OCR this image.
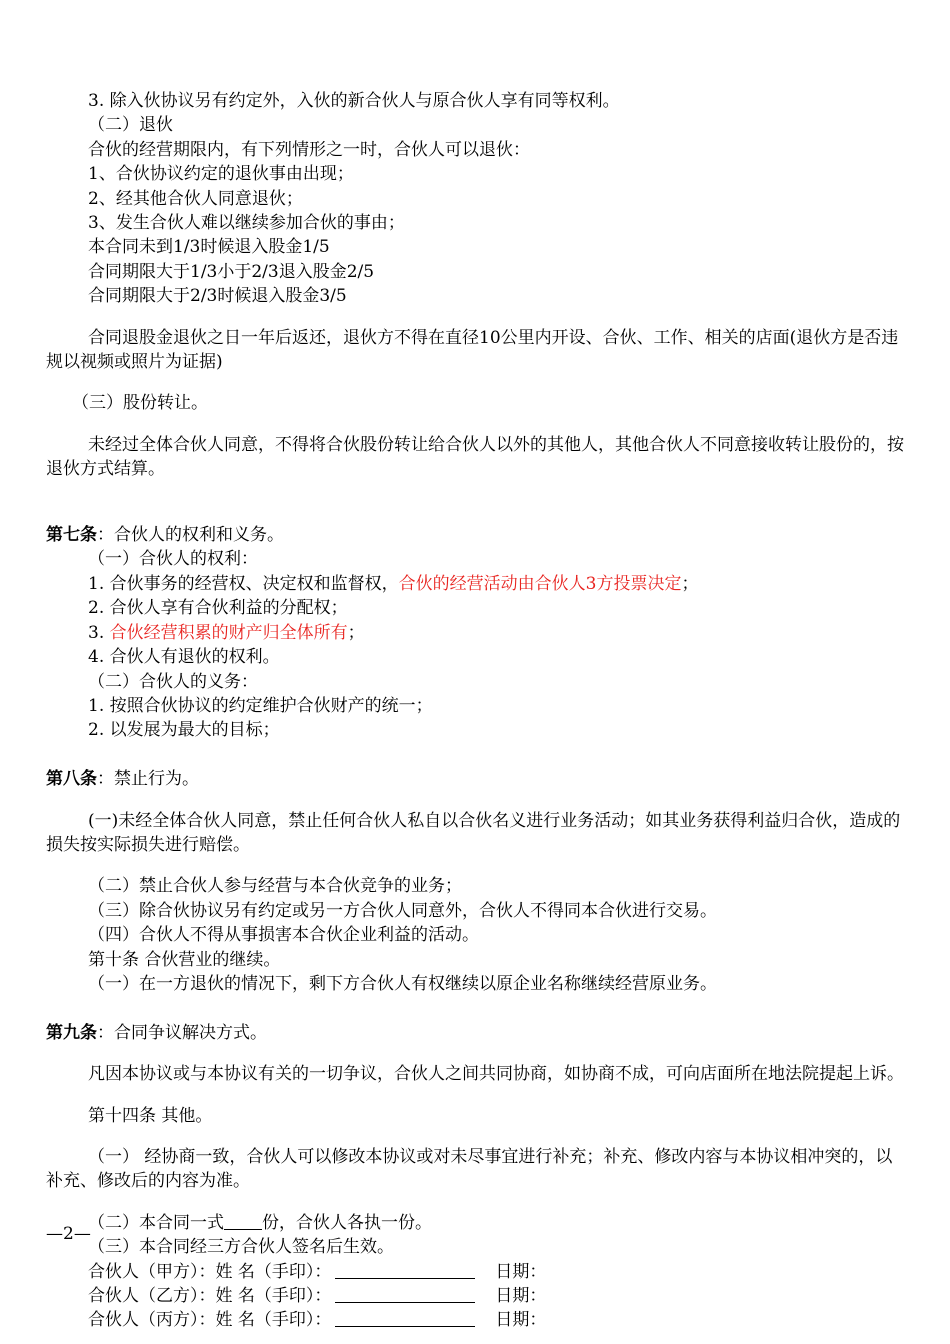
3. 除入伙协议另有约定外，入伙的新合伙人与原合伙人享有同等权利。

（二）退伙

合伙的经营期限内，有下列情形之一时，合伙人可以退伙：

1、合伙协议约定的退伙事由出现；

2、经其他合伙人同意退伙；

3、发生合伙人难以继续参加合伙的事由；

本合同未到1/3时候退入股金1/5

合同期限大于1/3小于2/3退入股金2/5

合同期限大于2/3时候退入股金3/5

合同退股金退伙之日一年后返还，退伙方不得在直径10公里内开设、合伙、工作、相关的店面(退伙方是否违规以视频或照片为证据)

（三）股份转让。

未经过全体合伙人同意，不得将合伙股份转让给合伙人以外的其他人，其他合伙人不同意接收转让股份的，按退伙方式结算。

第七条：合伙人的权利和义务。

（一）合伙人的权利：

1. 合伙事务的经营权、决定权和监督权，合伙的经营活动由合伙人3方投票决定；

2. 合伙人享有合伙利益的分配权；

3. 合伙经营积累的财产归全体所有；

4. 合伙人有退伙的权利。

（二）合伙人的义务：

1. 按照合伙协议的约定维护合伙财产的统一；

2. 以发展为最大的目标；

第八条：禁止行为。

(一)未经全体合伙人同意，禁止任何合伙人私自以合伙名义进行业务活动；如其业务获得利益归合伙，造成的损失按实际损失进行赔偿。

（二）禁止合伙人参与经营与本合伙竞争的业务；

（三）除合伙协议另有约定或另一方合伙人同意外，合伙人不得同本合伙进行交易。

（四）合伙人不得从事损害本合伙企业利益的活动。

第十条 合伙营业的继续。

（一）在一方退伙的情况下，剩下方合伙人有权继续以原企业名称继续经营原业务。

第九条：合同争议解决方式。

凡因本协议或与本协议有关的一切争议，合伙人之间共同协商，如协商不成，可向店面所在地法院提起上诉。

第十四条 其他。

（一） 经协商一致，合伙人可以修改本协议或对未尽事宜进行补充；补充、修改内容与本协议相冲突的，以补充、修改后的内容为准。

（二）本合同一式 份，合伙人各执一份。

（三）本合同经三方合伙人签名后生效。

合伙人（甲方）：姓 名（手印）：	日期：

合伙人（乙方）：姓 名（手印）：	日期：

合伙人（丙方）：姓 名（手印）：	日期：

—2—
